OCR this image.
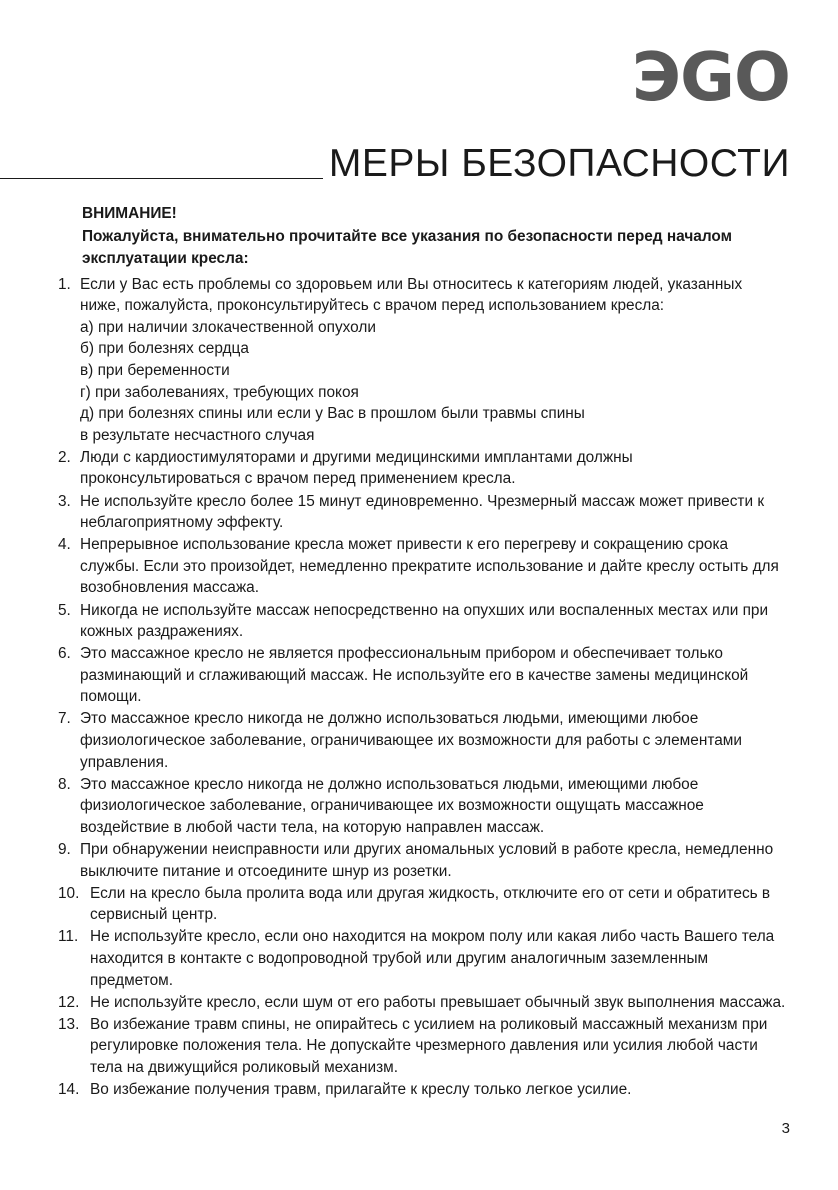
ЭGO
МЕРЫ БЕЗОПАСНОСТИ
ВНИМАНИЕ!
Пожалуйста, внимательно прочитайте все указания по безопасности перед началом эксплуатации кресла:
1. Если у Вас есть проблемы со здоровьем или Вы относитесь к категориям людей, указанных ниже, пожалуйста, проконсультируйтесь с врачом перед использованием кресла:
а) при наличии злокачественной опухоли
б) при болезнях сердца
в) при беременности
г) при заболеваниях, требующих покоя
д) при болезнях спины или если у Вас в прошлом были травмы спины
в результате несчастного случая
2. Люди с кардиостимуляторами и другими медицинскими имплантами должны проконсультироваться с врачом перед применением кресла.
3. Не используйте кресло более 15 минут единовременно. Чрезмерный массаж может привести к неблагоприятному эффекту.
4. Непрерывное использование кресла может привести к его перегреву и сокращению срока службы. Если это произойдет, немедленно прекратите использование и дайте креслу остыть для возобновления массажа.
5. Никогда не используйте массаж непосредственно на опухших или воспаленных местах или при кожных раздражениях.
6. Это массажное кресло не является профессиональным прибором и обеспечивает только разминающий и сглаживающий массаж. Не используйте его в качестве замены медицинской помощи.
7. Это массажное кресло никогда не должно использоваться людьми, имеющими любое физиологическое заболевание, ограничивающее их возможности для работы с элементами управления.
8. Это массажное кресло никогда не должно использоваться людьми, имеющими любое физиологическое заболевание, ограничивающее их возможности ощущать массажное воздействие в любой части тела, на которую направлен массаж.
9. При обнаружении неисправности или других аномальных условий в работе кресла, немедленно выключите питание и отсоедините шнур из розетки.
10. Если на кресло была пролита вода или другая жидкость, отключите его от сети и обратитесь в сервисный центр.
11. Не используйте кресло, если оно находится на мокром полу или какая либо часть Вашего тела находится в контакте с водопроводной трубой или другим аналогичным заземленным предметом.
12. Не используйте кресло, если шум от его работы превышает обычный звук выполнения массажа.
13. Во избежание травм спины, не опирайтесь с усилием на роликовый массажный механизм при регулировке положения тела. Не допускайте чрезмерного давления или усилия любой части тела на движущийся роликовый механизм.
14. Во избежание получения травм, прилагайте к креслу только легкое усилие.
3
